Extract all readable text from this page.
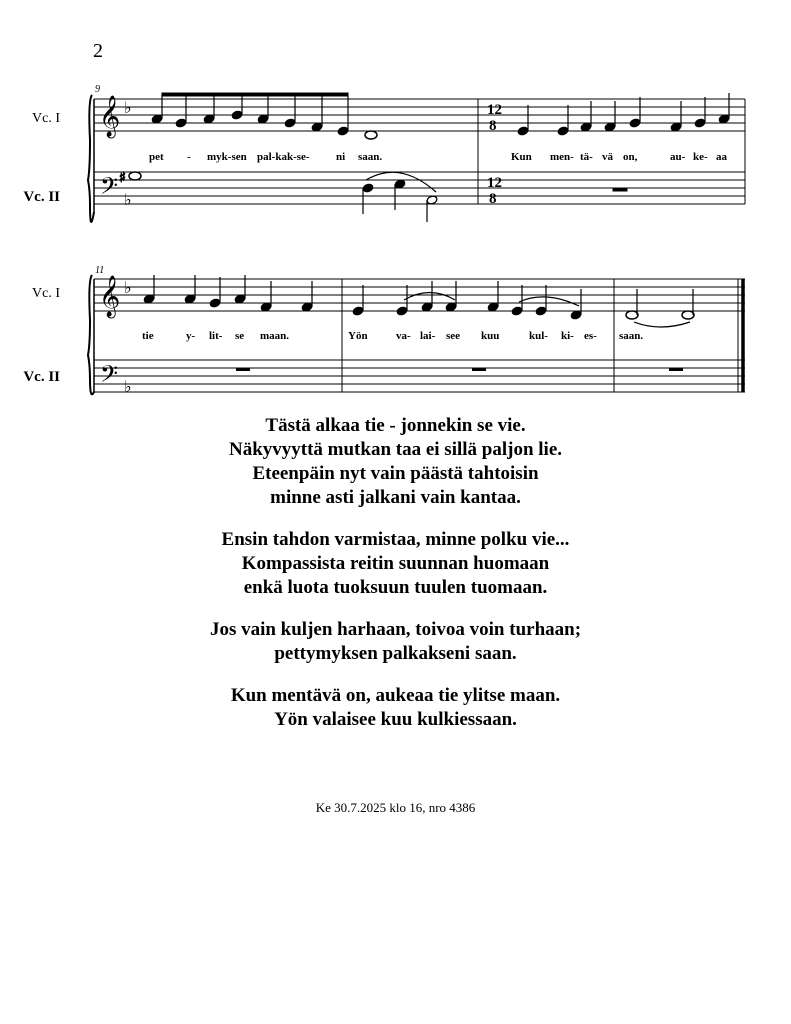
2
9
11
Vc. I
Vc. II
Vc. I
Vc. II
𝄞
𝄢
♭
♭
12
8
12
8
♯
pet - myk-sen pal-kak-se- ni saan.	Kun men- tä- vä on,	au- ke- aa
𝄞
𝄢
♭
♭
tie	y- lit- se maan.	Yön	va- lai- see kuu	kul- ki- es- saan.
Tästä alkaa tie - jonnekin se vie.
Näkyvyyttä mutkan taa ei sillä paljon lie.
Eteenpäin nyt vain päästä tahtoisin
minne asti jalkani vain kantaa.
Ensin tahdon varmistaa, minne polku vie...
Kompassista reitin suunnan huomaan
enkä luota tuoksuun tuulen tuomaan.
Jos vain kuljen harhaan, toivoa voin turhaan;
pettymyksen palkakseni saan.
Kun mentävä on, aukeaa tie ylitse maan.
Yön valaisee kuu kulkiessaan.
Ke 30.7.2025 klo 16, nro 4386
